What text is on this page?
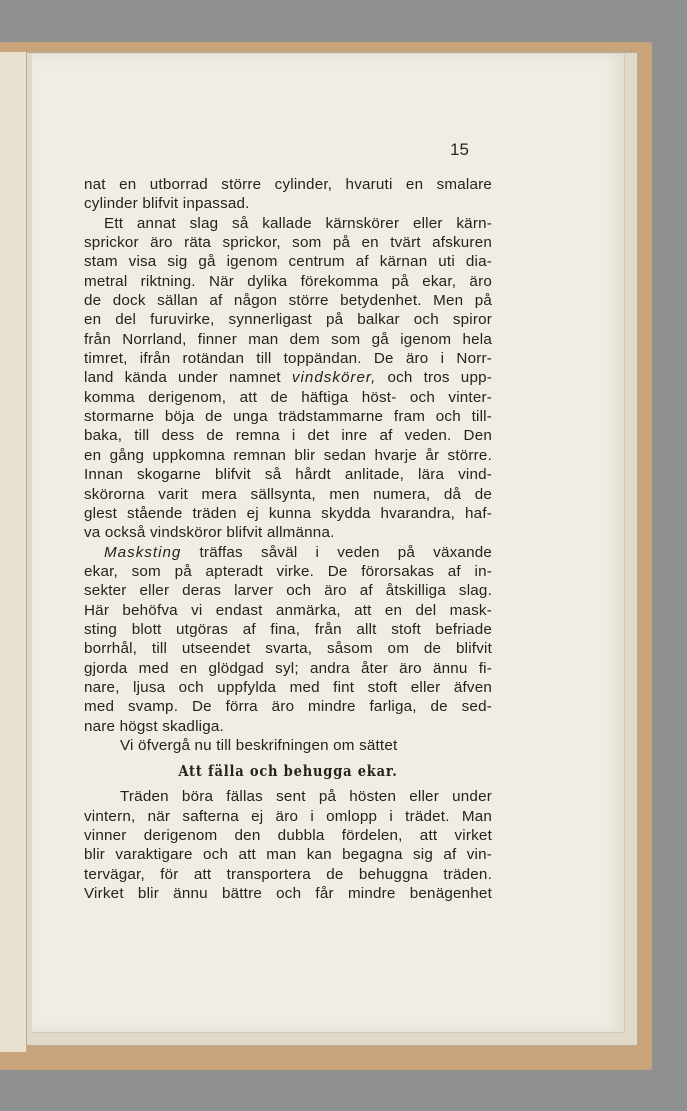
15
nat en utborrad större cylinder, hvaruti en smalare
cylinder blifvit inpassad.
Ett annat slag så kallade kärnskörer eller kärn-
sprickor äro räta sprickor, som på en tvärt afskuren
stam visa sig gå igenom centrum af kärnan uti dia-
metral riktning. När dylika förekomma på ekar, äro
de dock sällan af någon större betydenhet. Men på
en del furuvirke, synnerligast på balkar och spiror
från Norrland, finner man dem som gå igenom hela
timret, ifrån rotändan till toppändan. De äro i Norr-
land kända under namnet vindskörer, och tros upp-
komma derigenom, att de häftiga höst- och vinter-
stormarne böja de unga trädstammarne fram och till-
baka, till dess de remna i det inre af veden. Den
en gång uppkomna remnan blir sedan hvarje år större.
Innan skogarne blifvit så hårdt anlitade, lära vind-
skörorna varit mera sällsynta, men numera, då de
glest stående träden ej kunna skydda hvarandra, haf-
va också vindsköror blifvit allmänna.
Masksting träffas såväl i veden på växande
ekar, som på apteradt virke. De förorsakas af in-
sekter eller deras larver och äro af åtskilliga slag.
Här behöfva vi endast anmärka, att en del mask-
sting blott utgöras af fina, från allt stoft befriade
borrhål, till utseendet svarta, såsom om de blifvit
gjorda med en glödgad syl; andra åter äro ännu fi-
nare, ljusa och uppfylda med fint stoft eller äfven
med svamp. De förra äro mindre farliga, de sed-
nare högst skadliga.
Vi öfvergå nu till beskrifningen om sättet
Att fälla och behugga ekar.
Träden böra fällas sent på hösten eller under
vintern, när safterna ej äro i omlopp i trädet. Man
vinner derigenom den dubbla fördelen, att virket
blir varaktigare och att man kan begagna sig af vin-
tervägar, för att transportera de behuggna träden.
Virket blir ännu bättre och får mindre benägenhet
